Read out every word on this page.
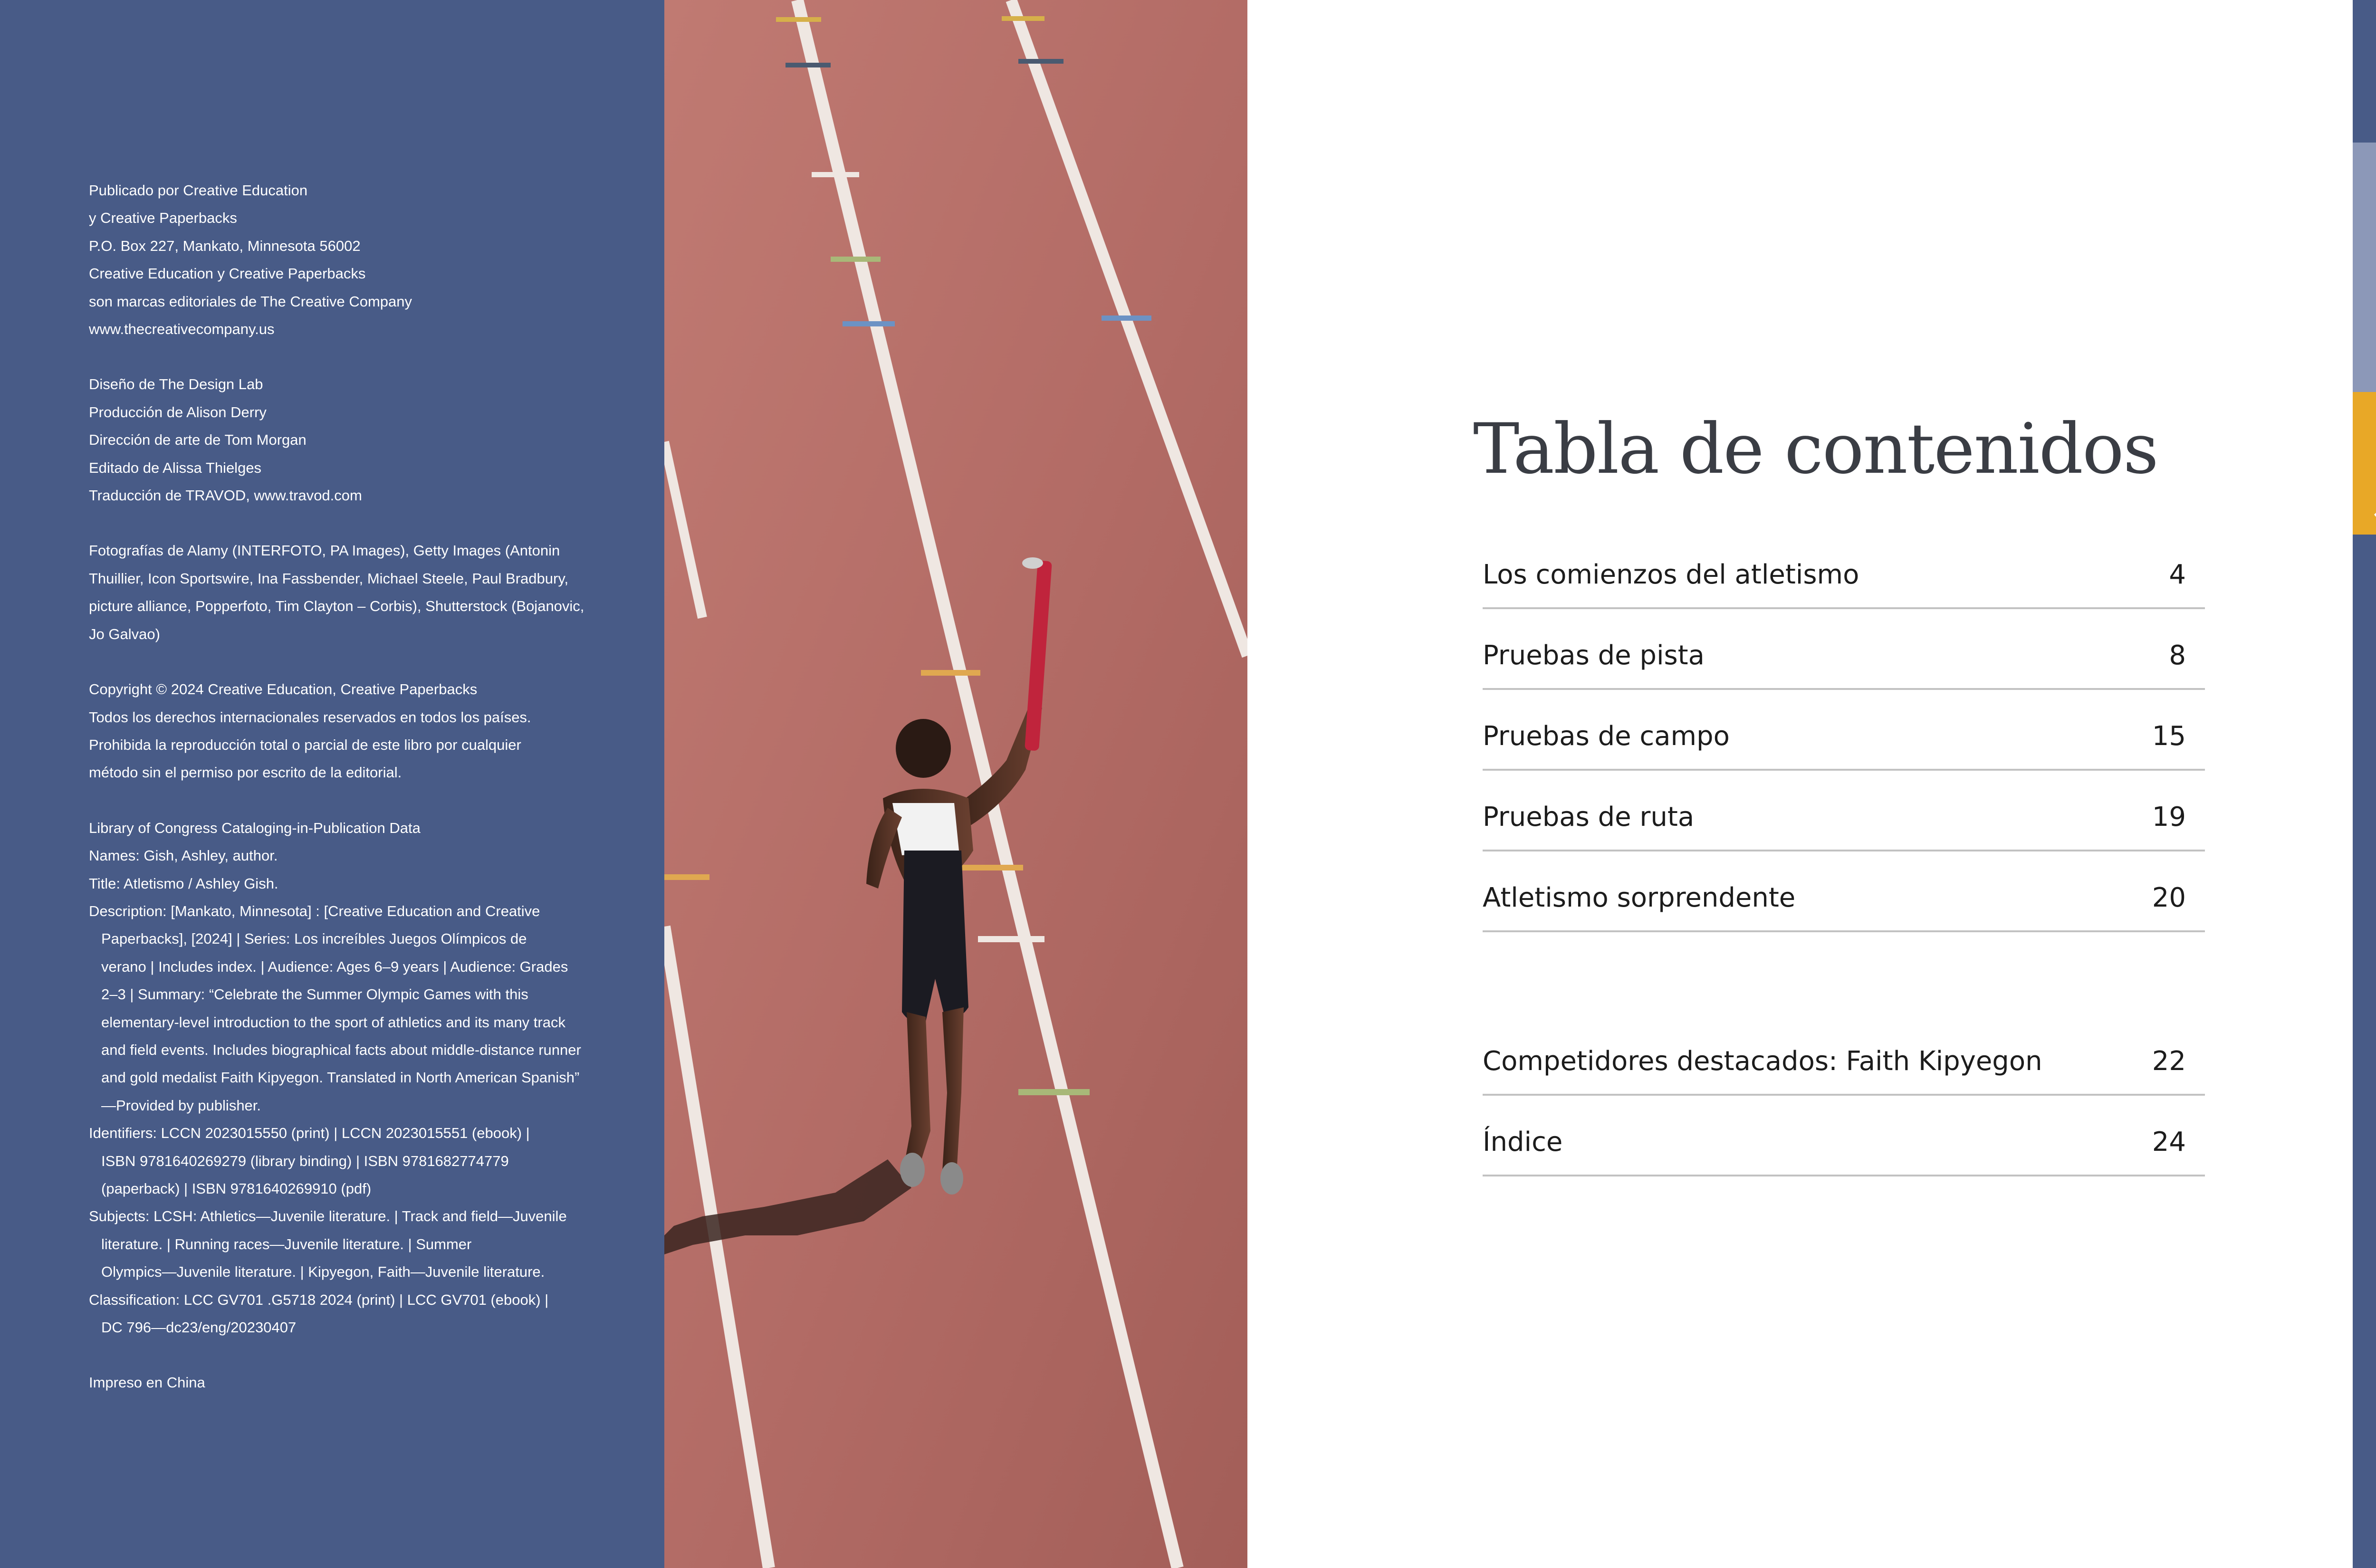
Publicado por Creative Education
y Creative Paperbacks
P.O. Box 227, Mankato, Minnesota 56002
Creative Education y Creative Paperbacks
son marcas editoriales de The Creative Company
www.thecreativecompany.us

Diseño de The Design Lab
Producción de Alison Derry
Dirección de arte de Tom Morgan
Editado de Alissa Thielges
Traducción de TRAVOD, www.travod.com

Fotografías de Alamy (INTERFOTO, PA Images), Getty Images (Antonin
Thuillier, Icon Sportswire, Ina Fassbender, Michael Steele, Paul Bradbury,
picture alliance, Popperfoto, Tim Clayton – Corbis), Shutterstock (Bojanovic,
Jo Galvao)

Copyright © 2024 Creative Education, Creative Paperbacks
Todos los derechos internacionales reservados en todos los países.
Prohibida la reproducción total o parcial de este libro por cualquier
método sin el permiso por escrito de la editorial.

Library of Congress Cataloging-in-Publication Data
Names: Gish, Ashley, author.
Title: Atletismo / Ashley Gish.
Description: [Mankato, Minnesota] : [Creative Education and Creative
Paperbacks], [2024] | Series: Los increíbles Juegos Olímpicos de
verano | Includes index. | Audience: Ages 6–9 years | Audience: Grades
2–3 | Summary: “Celebrate the Summer Olympic Games with this
elementary-level introduction to the sport of athletics and its many track
and field events. Includes biographical facts about middle-distance runner
and gold medalist Faith Kipyegon. Translated in North American Spanish”
—Provided by publisher.
Identifiers: LCCN 2023015550 (print) | LCCN 2023015551 (ebook) |
ISBN 9781640269279 (library binding) | ISBN 9781682774779
(paperback) | ISBN 9781640269910 (pdf)
Subjects: LCSH: Athletics—Juvenile literature. | Track and field—Juvenile
literature. | Running races—Juvenile literature. | Summer
Olympics—Juvenile literature. | Kipyegon, Faith—Juvenile literature.
Classification: LCC GV701 .G5718 2024 (print) | LCC GV701 (ebook) |
DC 796—dc23/eng/20230407

Impreso en China

Tabla de contenidos
Los comienzos del atletismo	4
Pruebas de pista	8
Pruebas de campo	15
Pruebas de ruta	19
Atletismo sorprendente	20
Competidores destacados: Faith Kipyegon	22
Índice	24
